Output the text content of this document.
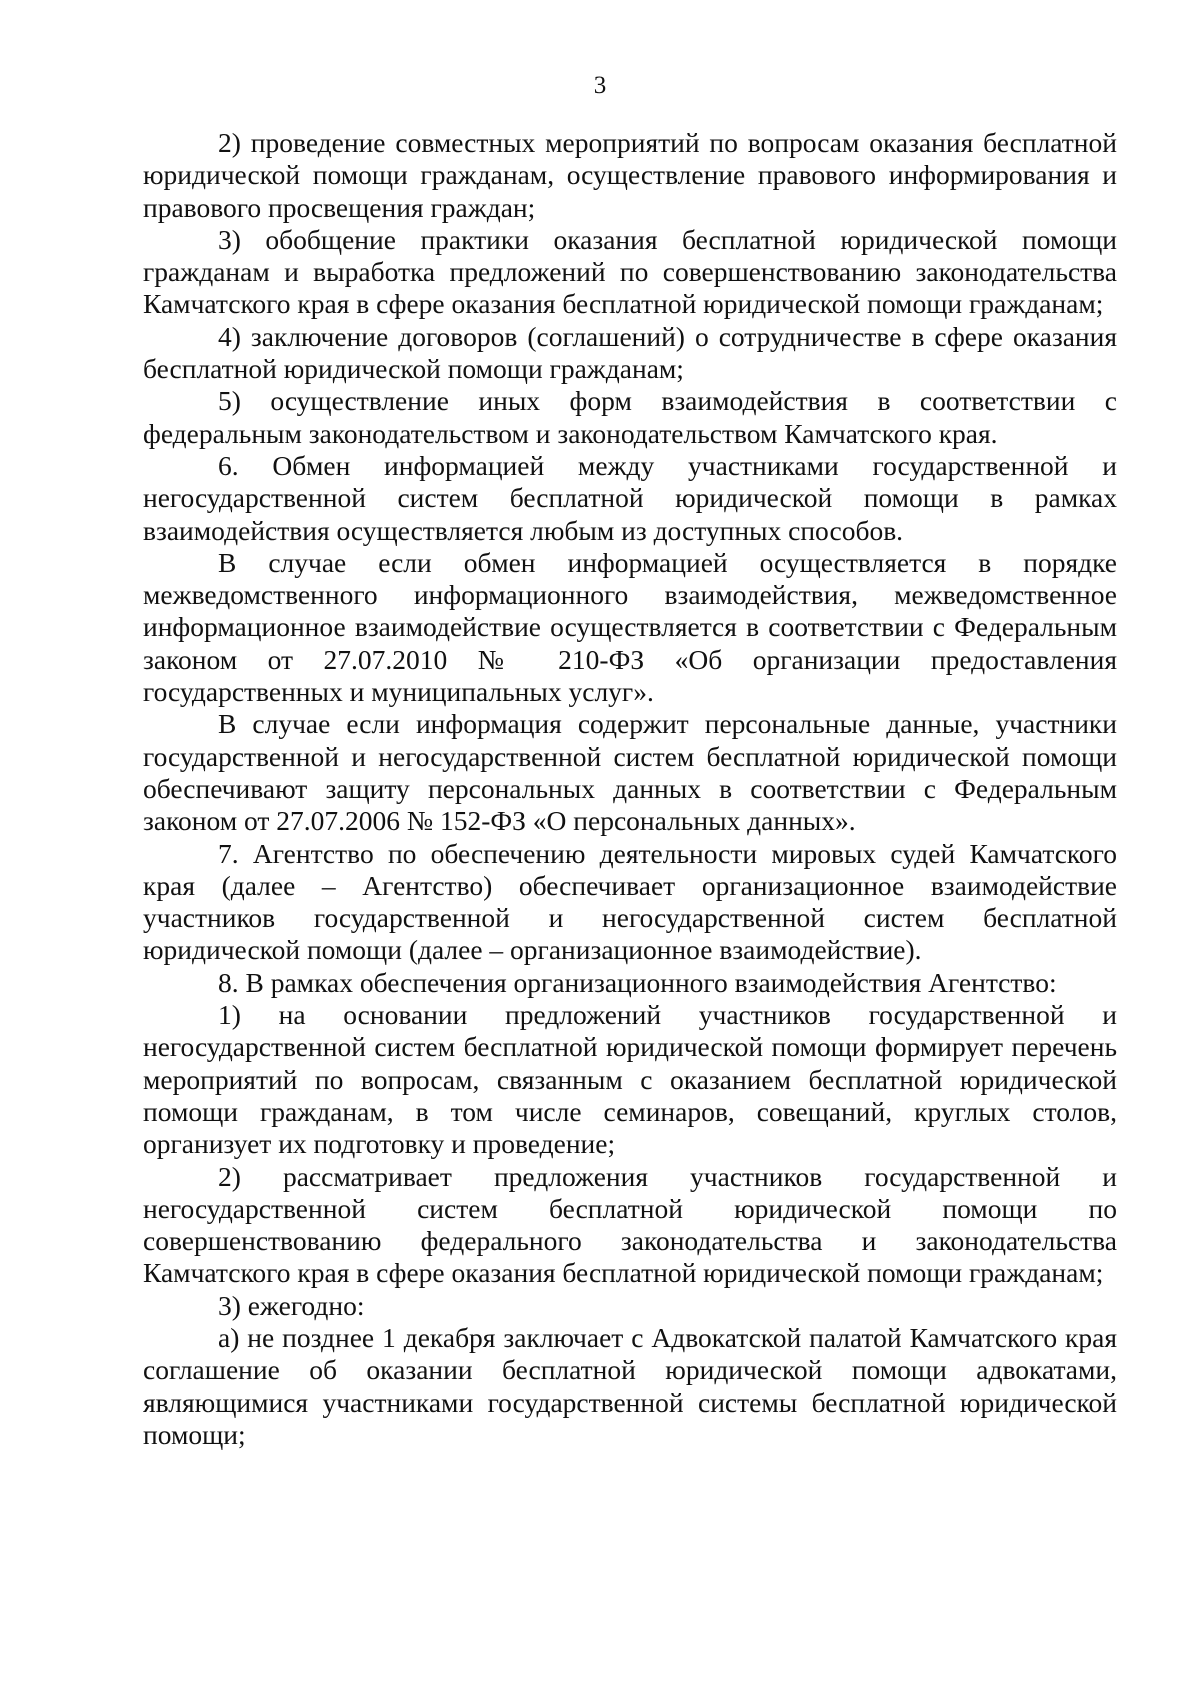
3

2) проведение совместных мероприятий по вопросам оказания бесплатной юридической помощи гражданам, осуществление правового информирования и правового просвещения граждан;

3) обобщение практики оказания бесплатной юридической помощи гражданам и выработка предложений по совершенствованию законодательства Камчатского края в сфере оказания бесплатной юридической помощи гражданам;

4) заключение договоров (соглашений) о сотрудничестве в сфере оказания бесплатной юридической помощи гражданам;

5) осуществление иных форм взаимодействия в соответствии с федеральным законодательством и законодательством Камчатского края.

6. Обмен информацией между участниками государственной и негосударственной систем бесплатной юридической помощи в рамках взаимодействия осуществляется любым из доступных способов.

В случае если обмен информацией осуществляется в порядке межведомственного информационного взаимодействия, межведомственное информационное взаимодействие осуществляется в соответствии с Федеральным законом от 27.07.2010 № 210-ФЗ «Об организации предоставления государственных и муниципальных услуг».

В случае если информация содержит персональные данные, участники государственной и негосударственной систем бесплатной юридической помощи обеспечивают защиту персональных данных в соответствии с Федеральным законом от 27.07.2006 № 152-ФЗ «О персональных данных».

7. Агентство по обеспечению деятельности мировых судей Камчатского края (далее – Агентство) обеспечивает организационное взаимодействие участников государственной и негосударственной систем бесплатной юридической помощи (далее – организационное взаимодействие).

8. В рамках обеспечения организационного взаимодействия Агентство:

1) на основании предложений участников государственной и негосударственной систем бесплатной юридической помощи формирует перечень мероприятий по вопросам, связанным с оказанием бесплатной юридической помощи гражданам, в том числе семинаров, совещаний, круглых столов, организует их подготовку и проведение;

2) рассматривает предложения участников государственной и негосударственной систем бесплатной юридической помощи по совершенствованию федерального законодательства и законодательства Камчатского края в сфере оказания бесплатной юридической помощи гражданам;

3) ежегодно:

а) не позднее 1 декабря заключает с Адвокатской палатой Камчатского края соглашение об оказании бесплатной юридической помощи адвокатами, являющимися участниками государственной системы бесплатной юридической помощи;
